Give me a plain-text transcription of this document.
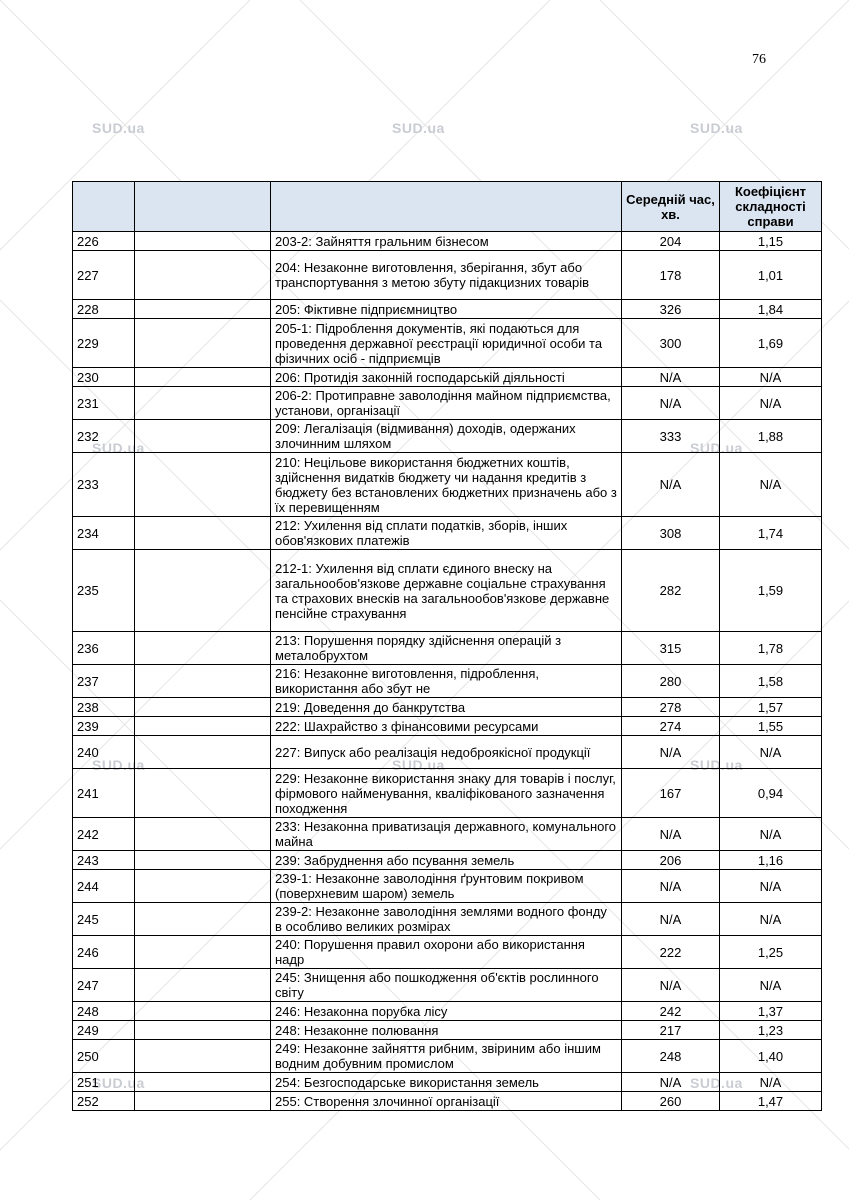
76
SUD.ua	SUD.ua	SUD.ua
SUD.ua	SUD.ua
SUD.ua	SUD.ua	SUD.ua
SUD.ua	SUD.ua
			Середній час, хв.	Коефіцієнт складності справи
226		203-2: Зайняття гральним бізнесом	204	1,15
227		204: Незаконне виготовлення, зберігання, збут або транспортування з метою збуту підакцизних товарів	178	1,01
228		205: Фіктивне підприємництво	326	1,84
229		205-1: Підроблення документів, які подаються для проведення державної реєстрації юридичної особи та фізичних осіб - підприємців	300	1,69
230		206: Протидія законній господарській діяльності	N/A	N/A
231		206-2: Протиправне заволодіння майном підприємства, установи, організації	N/A	N/A
232		209: Легалізація (відмивання) доходів, одержаних злочинним шляхом	333	1,88
233		210: Нецільове використання бюджетних коштів, здійснення видатків бюджету чи надання кредитів з бюджету без встановлених бюджетних призначень або з їх перевищенням	N/A	N/A
234		212: Ухилення від сплати податків, зборів, інших обов'язкових платежів	308	1,74
235		212-1: Ухилення від сплати єдиного внеску на загальнообов'язкове державне соціальне страхування та страхових внесків на загальнообов'язкове державне пенсійне страхування	282	1,59
236		213: Порушення порядку здійснення операцій з металобрухтом	315	1,78
237		216: Незаконне виготовлення, підроблення, використання або збут не	280	1,58
238		219: Доведення до банкрутства	278	1,57
239		222: Шахрайство з фінансовими ресурсами	274	1,55
240		227: Випуск або реалізація недоброякісної продукції	N/A	N/A
241		229: Незаконне використання знаку для товарів і послуг, фірмового найменування, кваліфікованого зазначення походження	167	0,94
242		233: Незаконна приватизація державного, комунального майна	N/A	N/A
243		239: Забруднення або псування земель	206	1,16
244		239-1: Незаконне заволодіння ґрунтовим покривом (поверхневим шаром) земель	N/A	N/A
245		239-2: Незаконне заволодіння землями водного фонду в особливо великих розмірах	N/A	N/A
246		240: Порушення правил охорони або використання надр	222	1,25
247		245: Знищення або пошкодження об'єктів рослинного світу	N/A	N/A
248		246: Незаконна порубка лісу	242	1,37
249		248: Незаконне полювання	217	1,23
250		249: Незаконне зайняття рибним, звіриним або іншим водним добувним промислом	248	1,40
251		254: Безгосподарське використання земель	N/A	N/A
252		255: Створення злочинної організації	260	1,47
